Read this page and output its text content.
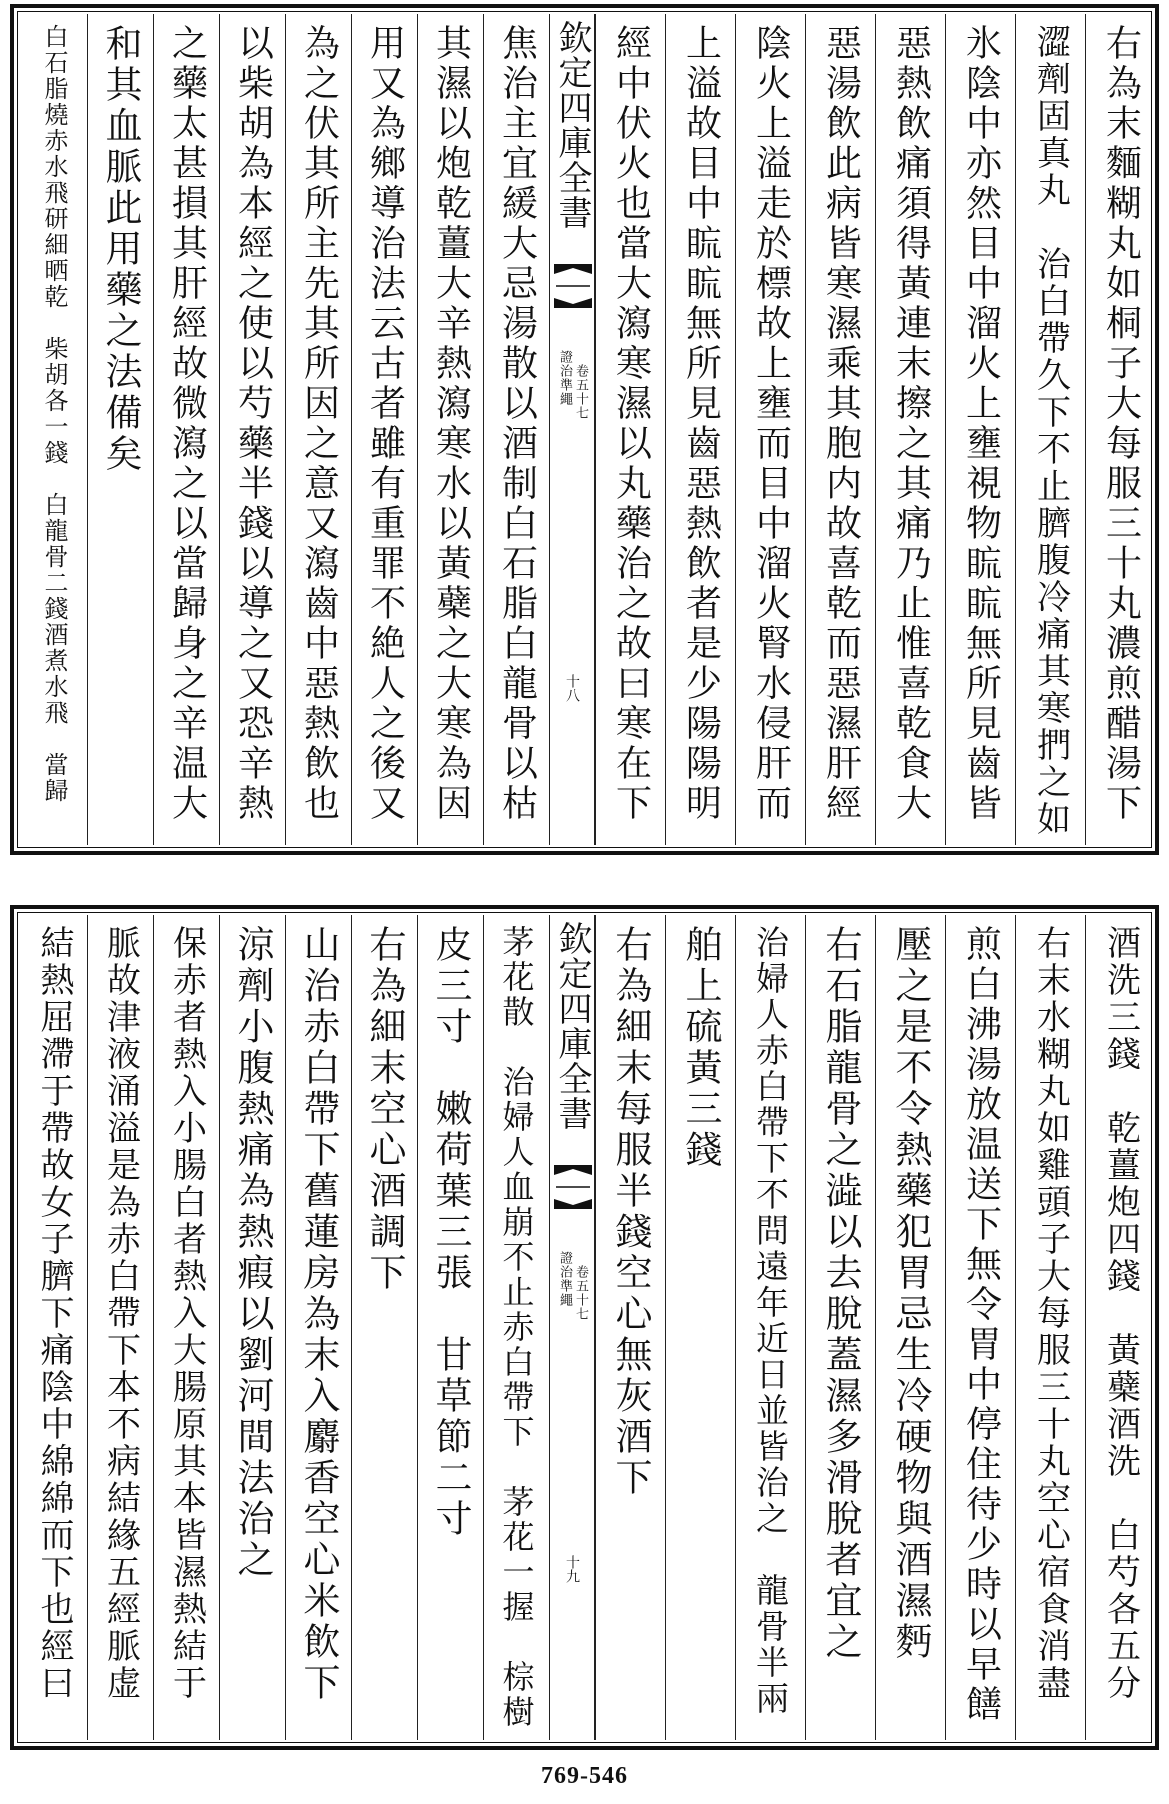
白石脂燒赤水飛研細晒乾　柴胡各一錢　白龍骨二錢酒煮水飛　當歸 和其血脈此用藥之法備矣 之藥太甚損其肝經故微瀉之以當歸身之辛温大 以柴胡為本經之使以芍藥半錢以導之又恐辛熱 為之伏其所主先其所因之意又瀉齒中惡熱飲也 用又為鄉導治法云古者雖有重罪不絶人之後又 其濕以炮乾薑大辛熱瀉寒水以黃蘗之大寒為因 焦治主宜緩大忌湯散以酒制白石脂白龍骨以枯 欽定四庫全書
證治準繩 卷五十七
十八 經中伏火也當大瀉寒濕以丸藥治之故曰寒在下 上溢故目中䀮䀮無所見齒惡熱飲者是少陽陽明 陰火上溢走於標故上壅而目中溜火腎水侵肝而 惡湯飲此病皆寒濕乘其胞内故喜乾而惡濕肝經 惡熱飲痛須得黃連末擦之其痛乃止惟喜乾食大 氷陰中亦然目中溜火上壅視物䀮䀮無所見齒皆 澀劑固真丸　治白帶久下不止臍腹冷痛其寒捫之如 右為末麵糊丸如桐子大每服三十丸濃煎醋湯下
結熱屈滯于帶故女子臍下痛陰中綿綿而下也經曰 脈故津液涌溢是為赤白帶下本不病結緣五經脈虚 保赤者熱入小腸白者熱入大腸原其本皆濕熱結于 涼劑小腹熱痛為熱瘕以劉河間法治之 山治赤白帶下舊蓮房為末入麝香空心米飲下 右為細末空心酒調下 皮三寸　嫩荷葉三張　甘草節二寸 茅花散　治婦人血崩不止赤白帶下　茅花一握　棕樹 欽定四庫全書
證治準繩 卷五十七
十九
右為細末每服半錢空心無灰酒下 舶上硫黃三錢 治婦人赤白帶下不問遠年近日並皆治之　龍骨半兩 右石脂龍骨之澁以去脫蓋濕多滑脫者宜之 壓之是不令熱藥犯胃忌生冷硬物與酒濕麪 煎白沸湯放温送下無令胃中停住待少時以早饍 右末水糊丸如雞頭子大每服三十丸空心宿食消盡 酒洗三錢　乾薑炮四錢　黃蘗酒洗　白芍各五分
769-546
